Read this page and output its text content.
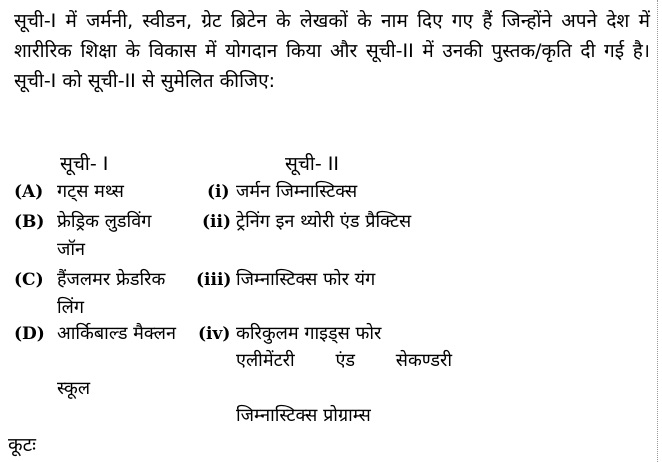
सूची-I में जर्मनी, स्वीडन, ग्रेट ब्रिटेन के लेखकों के नाम दिए गए हैं जिन्होंने अपने देश में शारीरिक शिक्षा के विकास में योगदान किया और सूची-II में उनकी पुस्तक/कृति दी गई है। सूची-I को सूची-II से सुमेलित कीजिए:
सूची- I	सूची- II
(A) गट्स मथ्स	(i) जर्मन जिम्नास्टिक्स
(B) फ्रेड्रिक लुडविंग
जॉन
(ii) ट्रेनिंग इन थ्योरी एंड प्रैक्टिस
(C) हैंजलमर फ्रेडरिक
लिंग
(iii) जिम्नास्टिक्स फोर यंग
(D) आर्किबाल्ड मैक्लन (iv) करिकुलम गाइड्स फोर
एलीमेंटरी एंड सेकण्डरी
स्कूल
जिम्नास्टिक्स प्रोग्राम्स
कूटः
